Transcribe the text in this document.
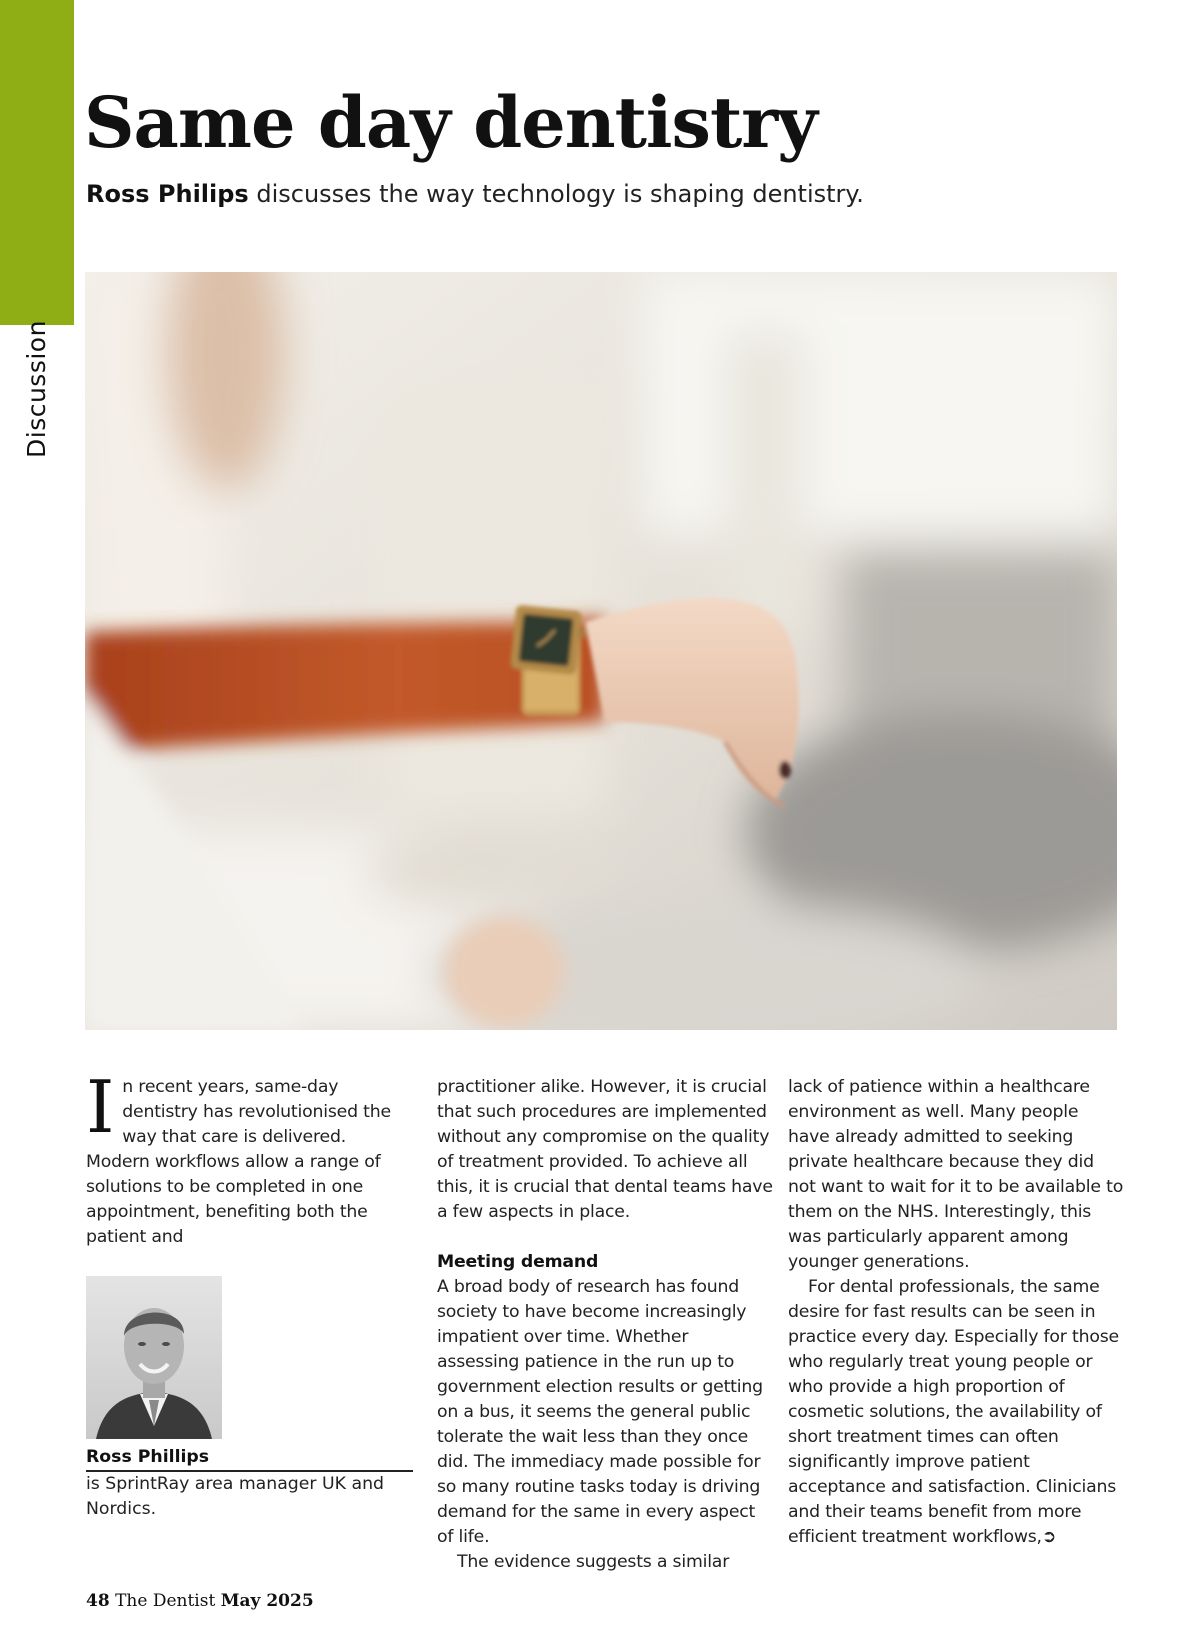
Discussion
Same day dentistry
Ross Philips discusses the way technology is shaping dentistry.

In recent years, same-day dentistry has revolutionised the way that care is delivered. Modern workflows allow a range of solutions to be completed in one appointment, benefiting both the patient and

practitioner alike. However, it is crucial that such procedures are implemented without any compromise on the quality of treatment provided. To achieve all this, it is crucial that dental teams have a few aspects in place.

Meeting demand

A broad body of research has found society to have become increasingly impatient over time. Whether assessing patience in the run up to government election results or getting on a bus, it seems the general public tolerate the wait less than they once did. The immediacy made possible for so many routine tasks today is driving demand for the same in every aspect of life.

The evidence suggests a similar

lack of patience within a healthcare environment as well. Many people have already admitted to seeking private healthcare because they did not want to wait for it to be available to them on the NHS. Interestingly, this was particularly apparent among younger generations.

For dental professionals, the same desire for fast results can be seen in practice every day. Especially for those who regularly treat young people or who provide a high proportion of cosmetic solutions, the availability of short treatment times can often significantly improve patient acceptance and satisfaction. Clinicians and their teams benefit from more efficient treatment workflows,➲

Ross Phillips
is SprintRay area manager UK and Nordics.
48 The Dentist May 2025
